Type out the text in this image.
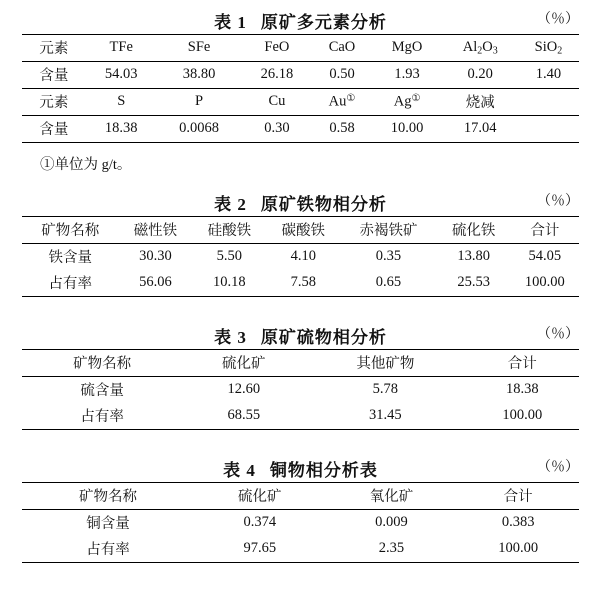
表 1 原矿多元素分析	（％）
元素	TFe	SFe	FeO	CaO	MgO	$Al_2O_3$	SiO$_2$
含量	54.03	38.80	26.18	0.50	1.93	0.20	1.40
元素	S	P	Cu	Au①	Ag①	烧减	
含量	18.38	0.0068	0.30	0.58	10.00	17.04	
①单位为 g/t。
表 2 原矿铁物相分析	（％）
矿物名称	磁性铁	硅酸铁	碳酸铁	赤褐铁矿	硫化铁	合计
铁含量	30.30	5.50	4.10	0.35	13.80	54.05
占有率	56.06	10.18	7.58	0.65	25.53	100.00
表 3 原矿硫物相分析	（％）
矿物名称	硫化矿	其他矿物	合计
硫含量	12.60	5.78	18.38
占有率	68.55	31.45	100.00
表 4 铜物相分析表	（％）
矿物名称	硫化矿	氧化矿	合计
铜含量	0.374	0.009	0.383
占有率	97.65	2.35	100.00
